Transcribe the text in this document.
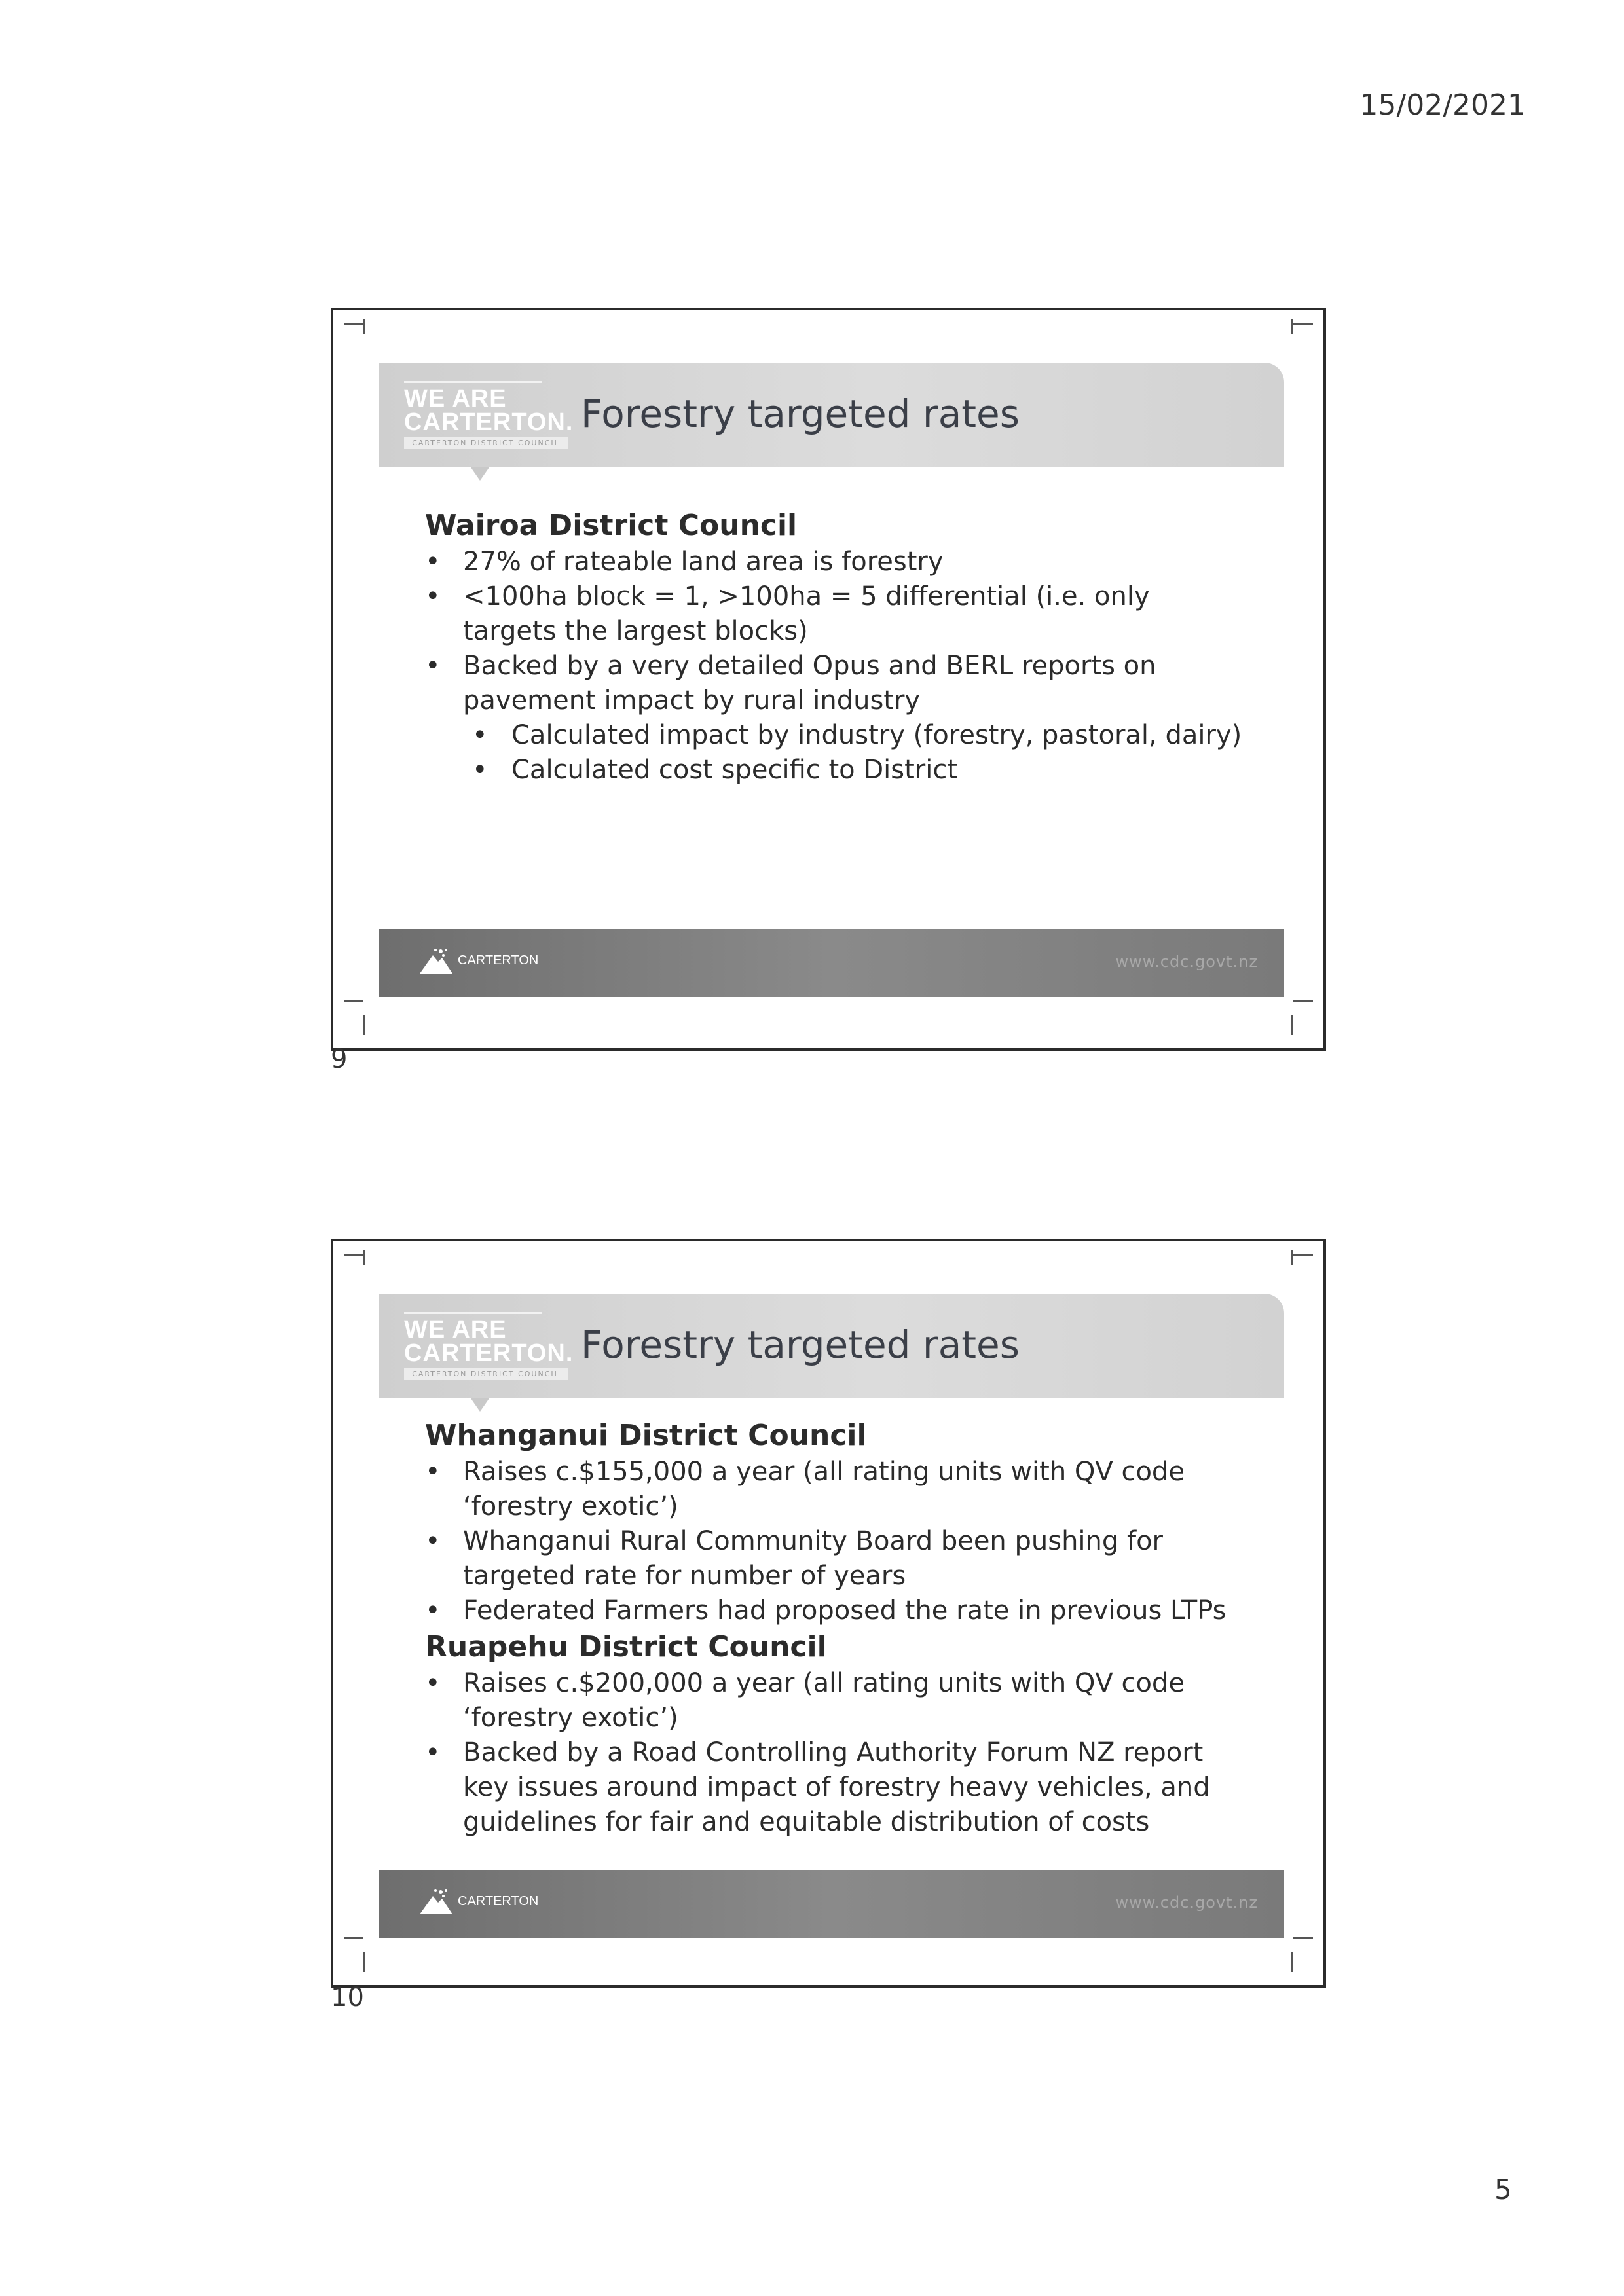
15/02/2021
5
WE ARE
CARTERTON.
CARTERTON DISTRICT COUNCIL
Forestry targeted rates
Wairoa District Council
• 27% of rateable land area is forestry
• <100ha block = 1, >100ha = 5 differential (i.e. only targets the largest blocks)
• Backed by a very detailed Opus and BERL reports on pavement impact by rural industry
• Calculated impact by industry (forestry, pastoral, dairy)
• Calculated cost specific to District
CARTERTON	www.cdc.govt.nz
9
WE ARE
CARTERTON.
CARTERTON DISTRICT COUNCIL
Forestry targeted rates
Whanganui District Council
• Raises c.$155,000 a year (all rating units with QV code ‘forestry exotic’)
• Whanganui Rural Community Board been pushing for targeted rate for number of years
• Federated Farmers had proposed the rate in previous LTPs
Ruapehu District Council
• Raises c.$200,000 a year (all rating units with QV code ‘forestry exotic’)
• Backed by a Road Controlling Authority Forum NZ report key issues around impact of forestry heavy vehicles, and guidelines for fair and equitable distribution of costs
CARTERTON	www.cdc.govt.nz
10
